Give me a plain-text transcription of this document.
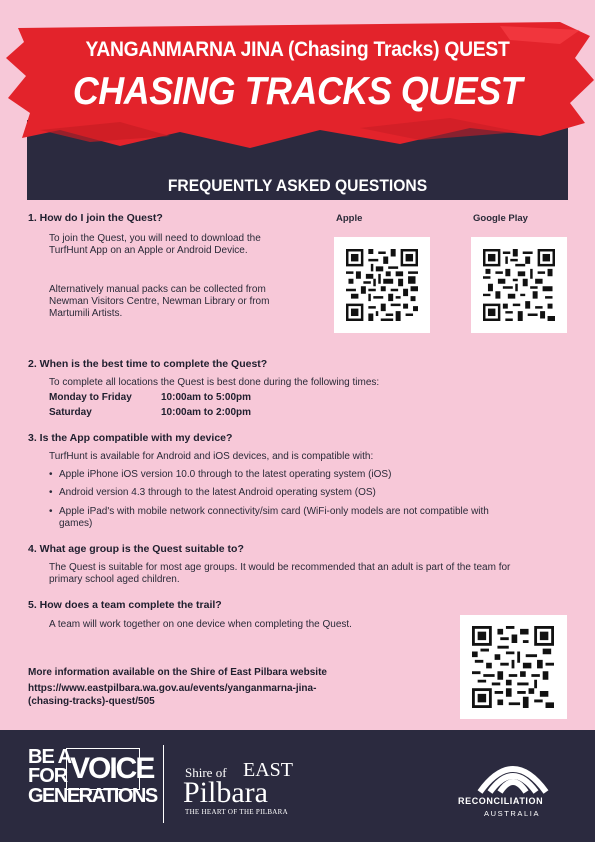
YANGANMARNA JINA (Chasing Tracks) QUEST
CHASING TRACKS QUEST
FREQUENTLY ASKED QUESTIONS
1. How do I join the Quest?
To join the Quest, you will need to download the
TurfHunt App on an Apple or Android Device.
Alternatively manual packs can be collected from
Newman Visitors Centre, Newman Library or from
Martumili Artists.
Apple	Google Play
2. When is the best time to complete the Quest?
To complete all locations the Quest is best done during the following times:
Monday to Friday	10:00am to 5:00pm
Saturday	10:00am to 2:00pm
3. Is the App compatible with my device?
TurfHunt is available for Android and iOS devices, and is compatible with:
• Apple iPhone iOS version 10.0 through to the latest operating system (iOS)
• Android version 4.3 through to the latest Android operating system (OS)
• Apple iPad's with mobile network connectivity/sim card (WiFi-only models are not compatible with
games)
4. What age group is the Quest suitable to?
The Quest is suitable for most age groups. It would be recommended that an adult is part of the team for
primary school aged children.
5. How does a team complete the trail?
A team will work together on one device when completing the Quest.
More information available on the Shire of East Pilbara website
https://www.eastpilbara.wa.gov.au/events/yanganmarna-jina-
(chasing-tracks)-quest/505
BE A
FOR VOICE
GENERATIONS
Shire of EAST
Pilbara
THE HEART OF THE PILBARA
RECONCILIATION
AUSTRALIA
